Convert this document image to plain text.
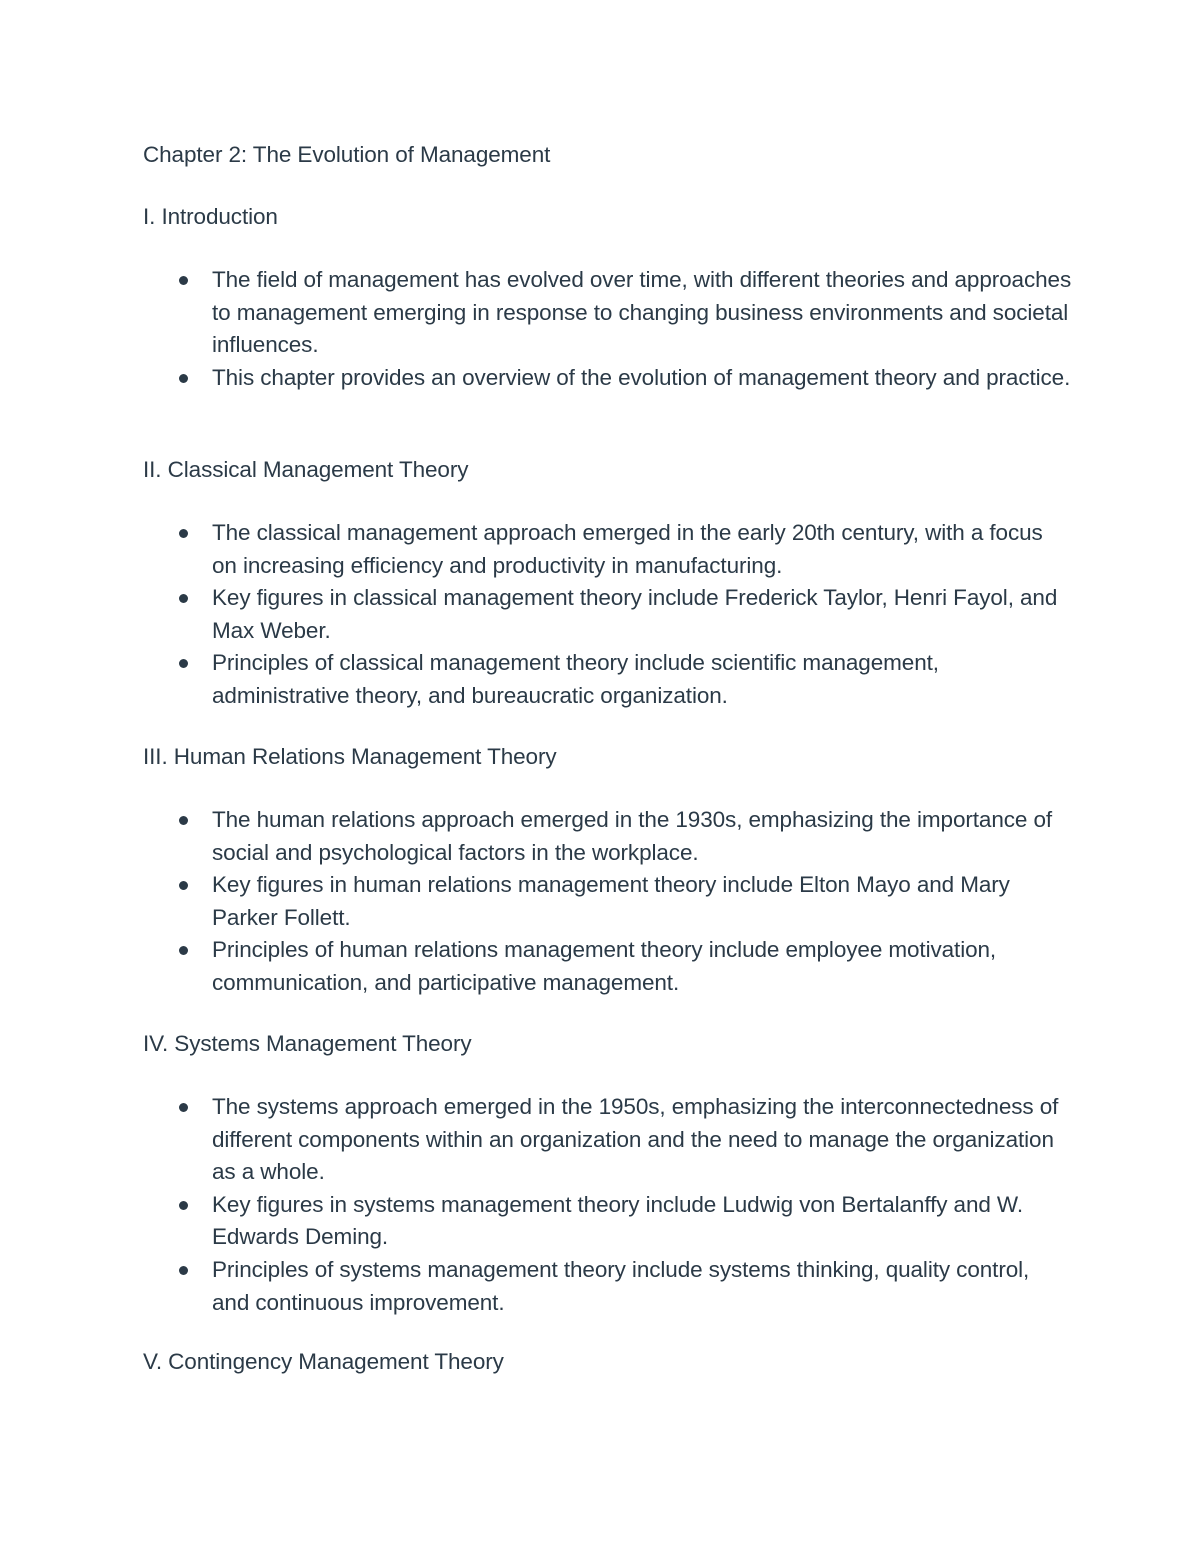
Chapter 2: The Evolution of Management
I. Introduction
The field of management has evolved over time, with different theories and approaches to management emerging in response to changing business environments and societal influences.
This chapter provides an overview of the evolution of management theory and practice.
II. Classical Management Theory
The classical management approach emerged in the early 20th century, with a focus on increasing efficiency and productivity in manufacturing.
Key figures in classical management theory include Frederick Taylor, Henri Fayol, and Max Weber.
Principles of classical management theory include scientific management, administrative theory, and bureaucratic organization.
III. Human Relations Management Theory
The human relations approach emerged in the 1930s, emphasizing the importance of social and psychological factors in the workplace.
Key figures in human relations management theory include Elton Mayo and Mary Parker Follett.
Principles of human relations management theory include employee motivation, communication, and participative management.
IV. Systems Management Theory
The systems approach emerged in the 1950s, emphasizing the interconnectedness of different components within an organization and the need to manage the organization as a whole.
Key figures in systems management theory include Ludwig von Bertalanffy and W. Edwards Deming.
Principles of systems management theory include systems thinking, quality control, and continuous improvement.
V. Contingency Management Theory
